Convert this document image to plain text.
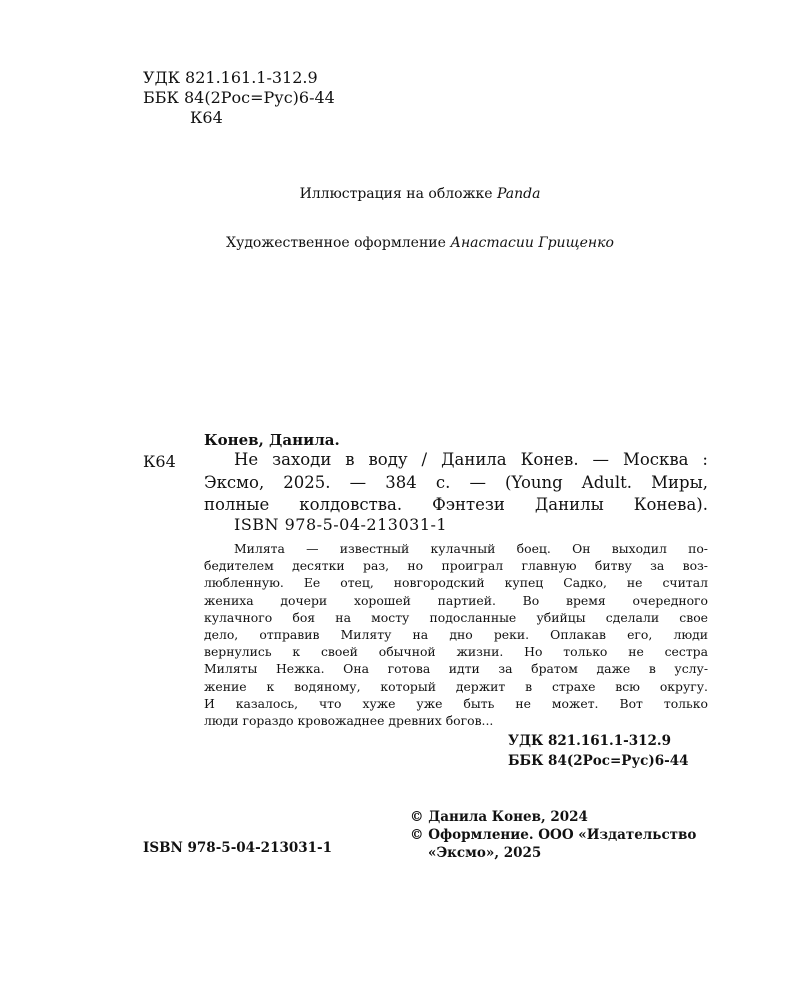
УДК 821.161.1-312.9
ББК 84(2Рос=Рус)6-44
К64
Иллюстрация на обложке Panda
Художественное оформление Анастасии Грищенко
Конев, Данила.
К64	Не заходи в воду / Данила Конев. — Москва :
Эксмо, 2025. — 384 с. — (Young Adult. Миры,
полные колдовства. Фэнтези Данилы Конева).
ISBN 978-5-04-213031-1
Милята — известный кулачный боец. Он выходил по-
бедителем десятки раз, но проиграл главную битву за воз-
любленную. Ее отец, новгородский купец Садко, не считал
жениха дочери хорошей партией. Во время очередного
кулачного боя на мосту подосланные убийцы сделали свое
дело, отправив Миляту на дно реки. Оплакав его, люди
вернулись к своей обычной жизни. Но только не сестра
Миляты Нежка. Она готова идти за братом даже в услу-
жение к водяному, который держит в страхе всю округу.
И казалось, что хуже уже быть не может. Вот только
люди гораздо кровожаднее древних богов...
УДК 821.161.1-312.9
ББК 84(2Рос=Рус)6-44
© Данила Конев, 2024
© Оформление. ООО «Издательство
«Эксмо», 2025
ISBN 978-5-04-213031-1
